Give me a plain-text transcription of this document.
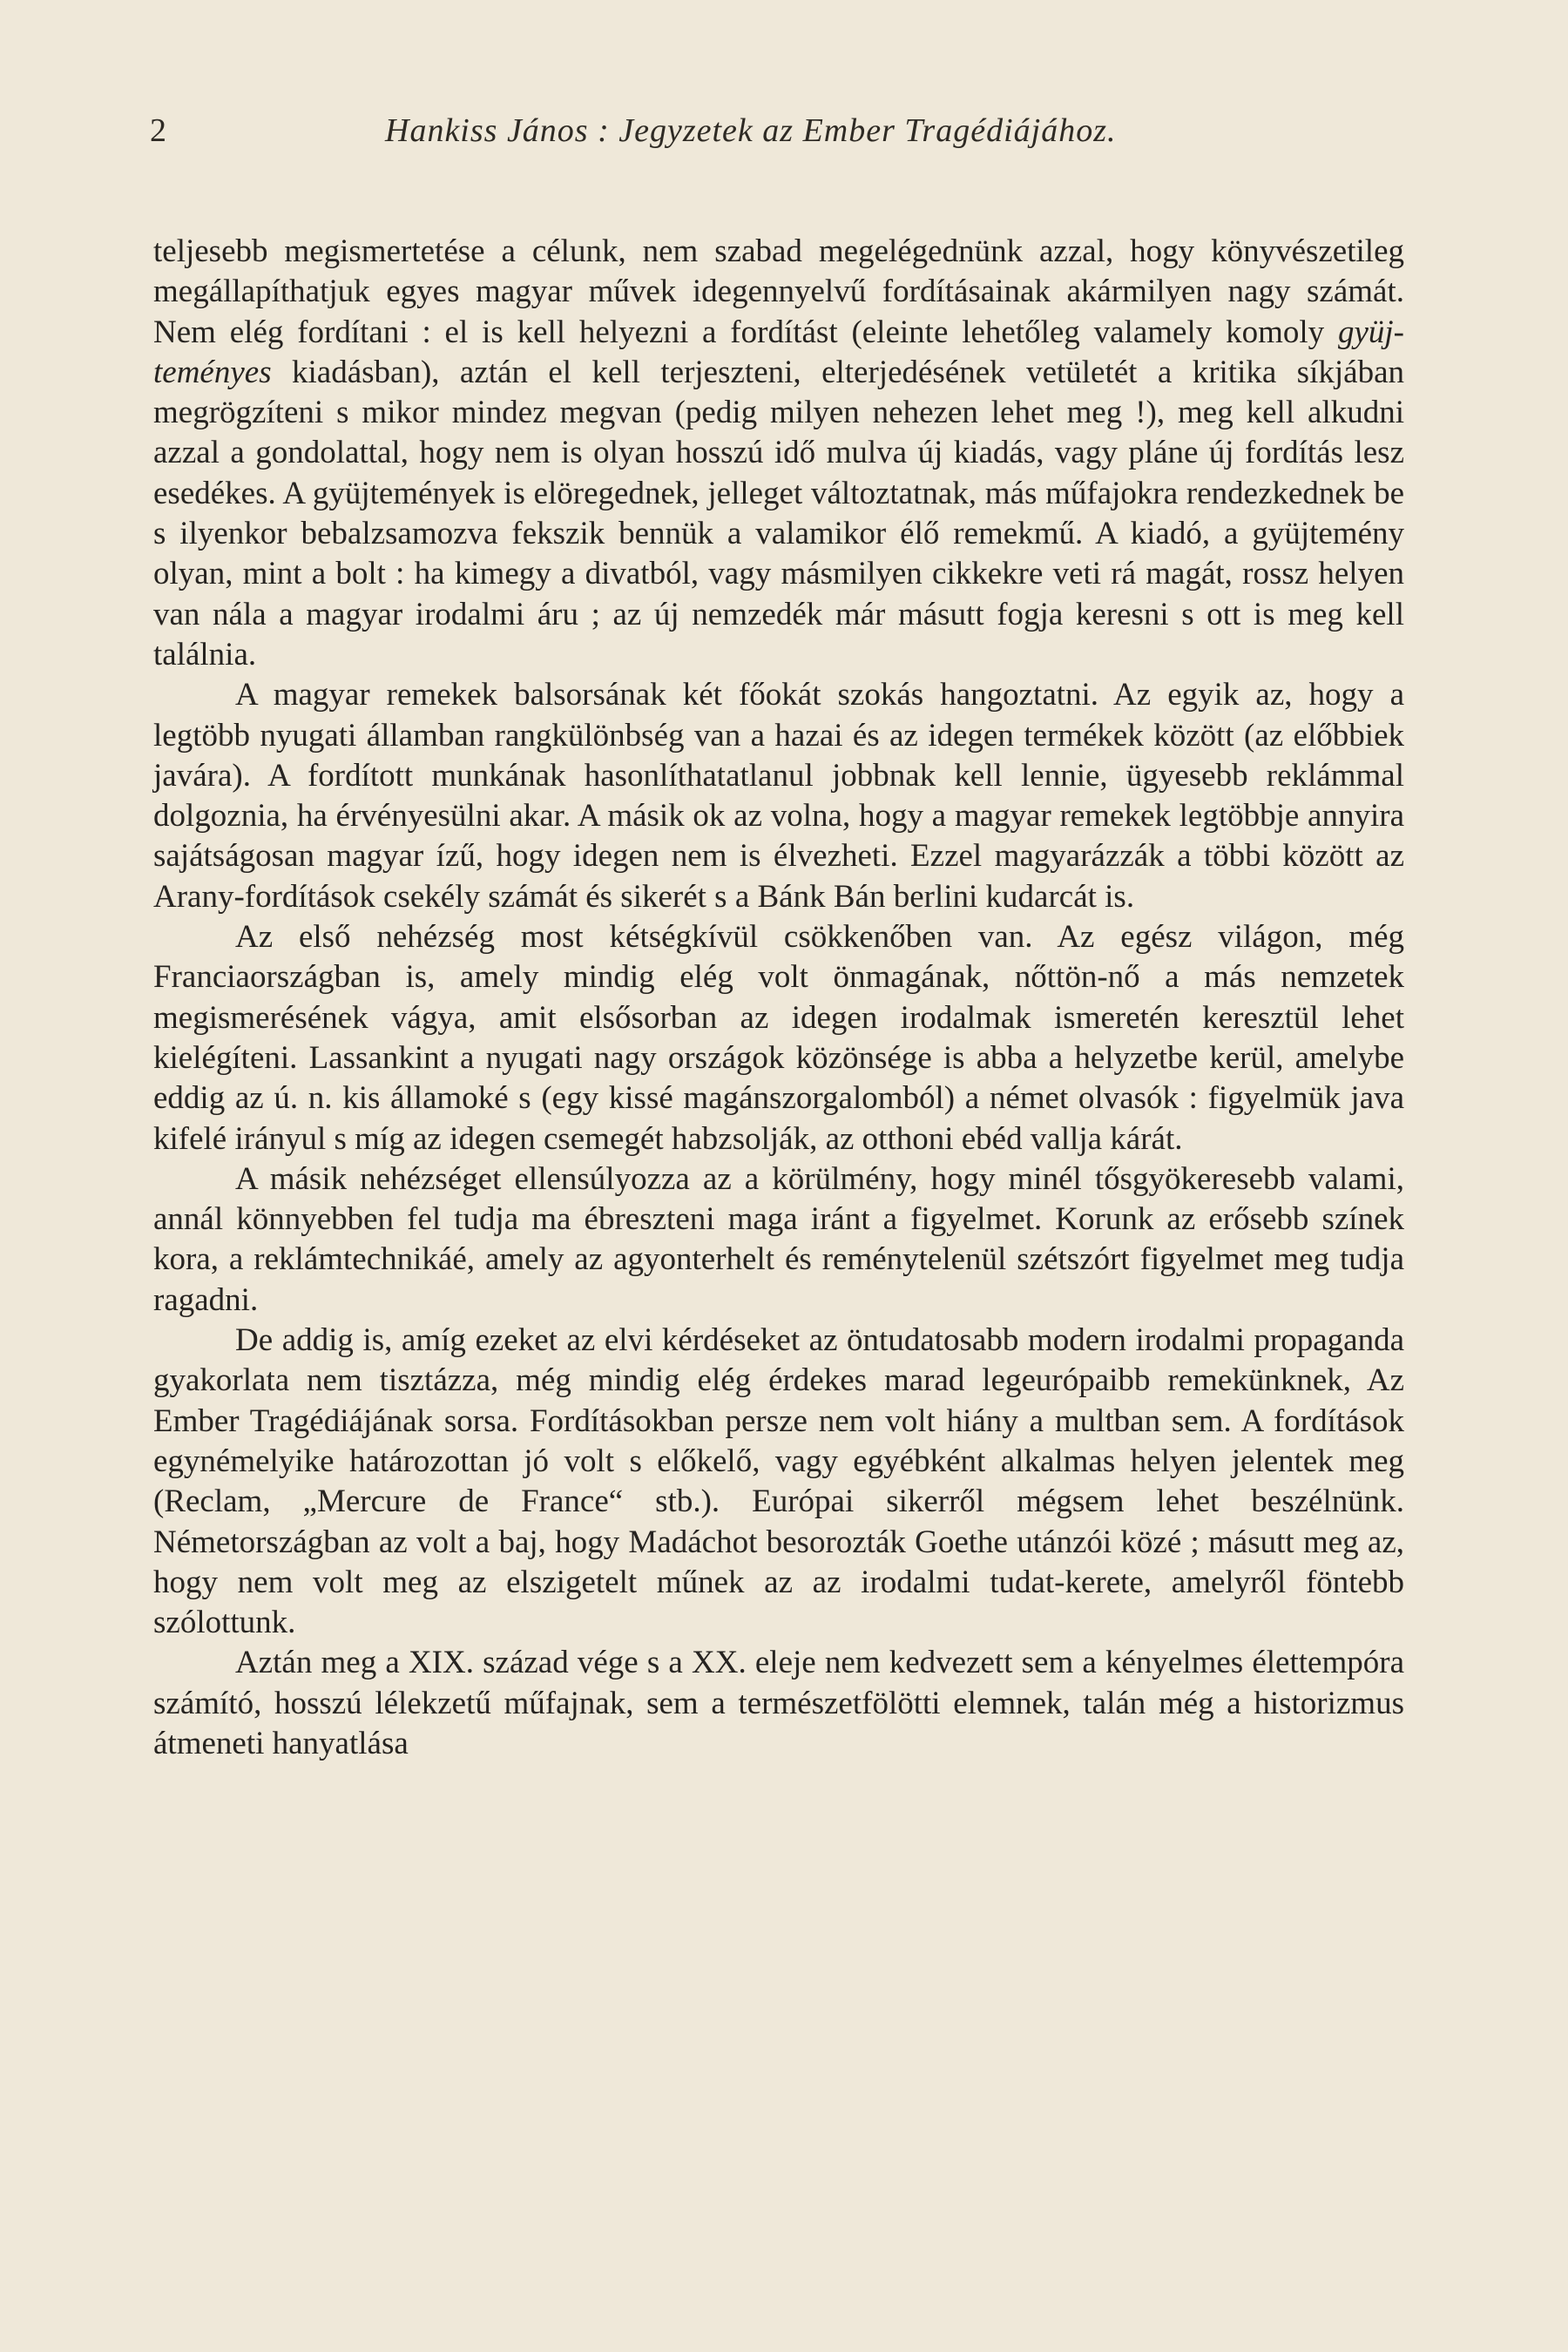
2	Hankiss János : Jegyzetek az Ember Tragédiájához.

teljesebb megismertetése a célunk, nem szabad megelégednünk azzal, hogy könyvészetileg megállapíthatjuk egyes magyar művek idegennyelvű fordításainak akármilyen nagy számát. Nem elég fordítani : el is kell helyezni a fordítást (eleinte lehetőleg valamely komoly gyüjteményes kiadásban), aztán el kell terjeszteni, elterjedésének vetületét a kritika síkjában megrögzíteni s mikor mindez megvan (pedig milyen nehezen lehet meg !), meg kell alkudni azzal a gondolattal, hogy nem is olyan hosszú idő mulva új kiadás, vagy pláne új fordítás lesz esedékes. A gyüjtemények is elöregednek, jelleget változtatnak, más műfajokra rendezkednek be s ilyenkor bebalzsamozva fekszik bennük a valamikor élő remekmű. A kiadó, a gyüjtemény olyan, mint a bolt : ha kimegy a divatból, vagy másmilyen cikkekre veti rá magát, rossz helyen van nála a magyar irodalmi áru ; az új nemzedék már másutt fogja keresni s ott is meg kell találnia.

A magyar remekek balsorsának két főokát szokás hangoztatni. Az egyik az, hogy a legtöbb nyugati államban rangkülönbség van a hazai és az idegen termékek között (az előbbiek javára). A fordított munkának hasonlíthatatlanul jobbnak kell lennie, ügyesebb reklámmal dolgoznia, ha érvényesülni akar. A másik ok az volna, hogy a magyar remekek legtöbbje annyira sajátságosan magyar ízű, hogy idegen nem is élvezheti. Ezzel magyarázzák a többi között az Arany-fordítások csekély számát és sikerét s a Bánk Bán berlini kudarcát is.

Az első nehézség most kétségkívül csökkenőben van. Az egész világon, még Franciaországban is, amely mindig elég volt önmagának, nőttön-nő a más nemzetek megismerésének vágya, amit elsősorban az idegen irodalmak ismeretén keresztül lehet kielégíteni. Lassankint a nyugati nagy országok közönsége is abba a helyzetbe kerül, amelybe eddig az ú. n. kis államoké s (egy kissé magánszorgalomból) a német olvasók : figyelmük java kifelé irányul s míg az idegen csemegét habzsolják, az otthoni ebéd vallja kárát.

A másik nehézséget ellensúlyozza az a körülmény, hogy minél tősgyökeresebb valami, annál könnyebben fel tudja ma ébreszteni maga iránt a figyelmet. Korunk az erősebb színek kora, a reklámtechnikáé, amely az agyonterhelt és reménytelenül szétszórt figyelmet meg tudja ragadni.

De addig is, amíg ezeket az elvi kérdéseket az öntudatosabb modern irodalmi propaganda gyakorlata nem tisztázza, még mindig elég érdekes marad legeurópaibb remekünknek, Az Ember Tragédiájának sorsa. Fordításokban persze nem volt hiány a multban sem. A fordítások egynémelyike határozottan jó volt s előkelő, vagy egyébként alkalmas helyen jelentek meg (Reclam, „Mercure de France“ stb.). Európai sikerről mégsem lehet beszélnünk. Németországban az volt a baj, hogy Madáchot besorozták Goethe utánzói közé ; másutt meg az, hogy nem volt meg az elszigetelt műnek az az irodalmi tudat-kerete, amelyről föntebb szólottunk.

Aztán meg a XIX. század vége s a XX. eleje nem kedvezett sem a kényelmes élettempóra számító, hosszú lélekzetű műfajnak, sem a természetfölötti elemnek, talán még a historizmus átmeneti hanyatlása
